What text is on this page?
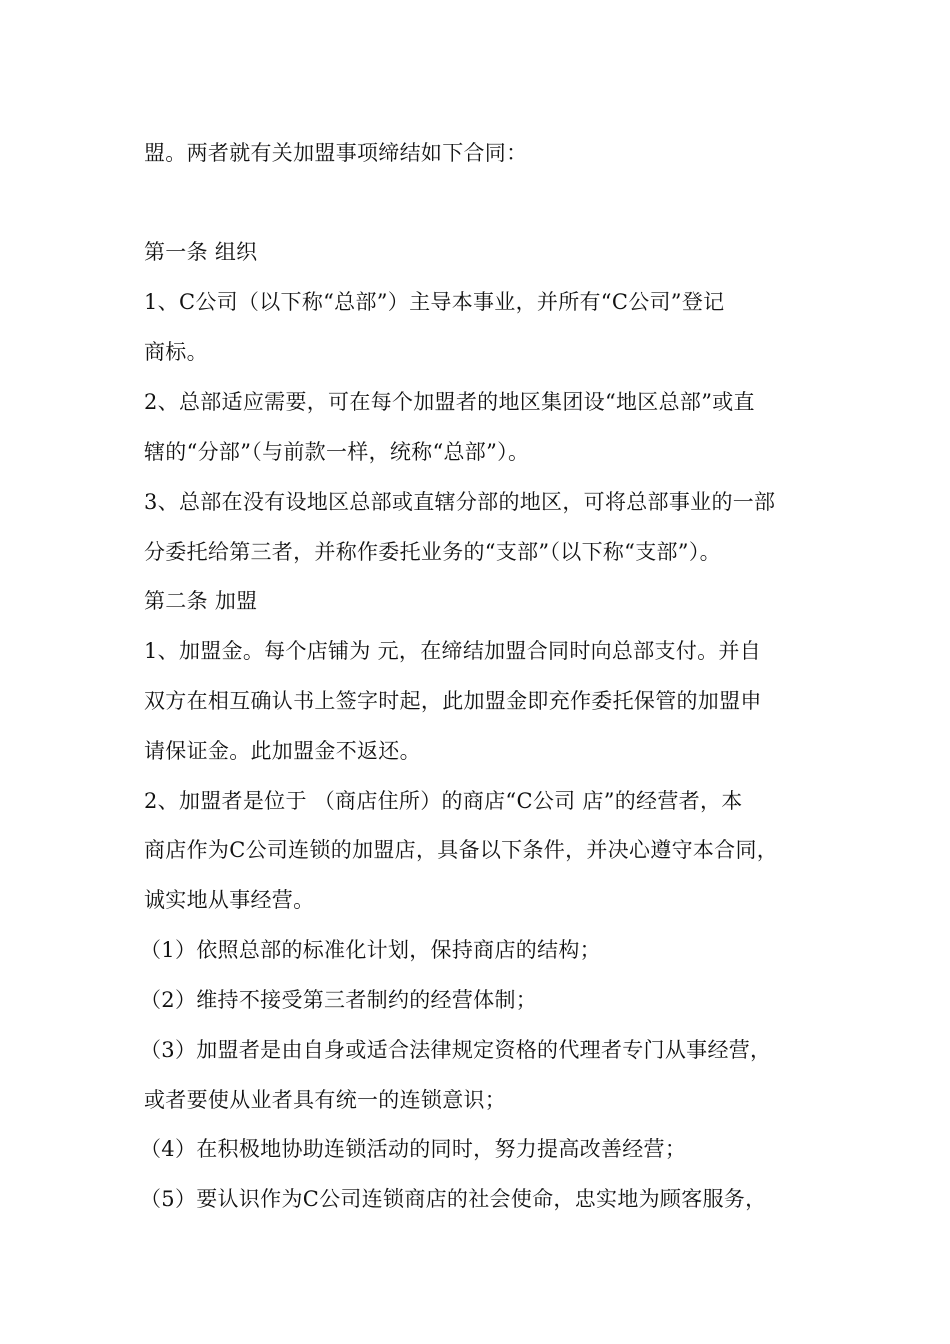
盟。两者就有关加盟事项缔结如下合同：
第一条 组织
1、C公司（以下称“总部”）主导本事业，并所有“C公司”登记
商标。
2、总部适应需要，可在每个加盟者的地区集团设“地区总部”或直
辖的“分部”（与前款一样，统称“总部”）。
3、总部在没有设地区总部或直辖分部的地区，可将总部事业的一部
分委托给第三者，并称作委托业务的“支部”（以下称“支部”）。
第二条 加盟
1、加盟金。每个店铺为 元，在缔结加盟合同时向总部支付。并自
双方在相互确认书上签字时起，此加盟金即充作委托保管的加盟申
请保证金。此加盟金不返还。
2、加盟者是位于 （商店住所）的商店“C公司 店”的经营者，本
商店作为C公司连锁的加盟店，具备以下条件，并决心遵守本合同，
诚实地从事经营。
（1）依照总部的标准化计划，保持商店的结构；
（2）维持不接受第三者制约的经营体制；
（3）加盟者是由自身或适合法律规定资格的代理者专门从事经营，
或者要使从业者具有统一的连锁意识；
（4）在积极地协助连锁活动的同时，努力提高改善经营；
（5）要认识作为C公司连锁商店的社会使命，忠实地为顾客服务，
